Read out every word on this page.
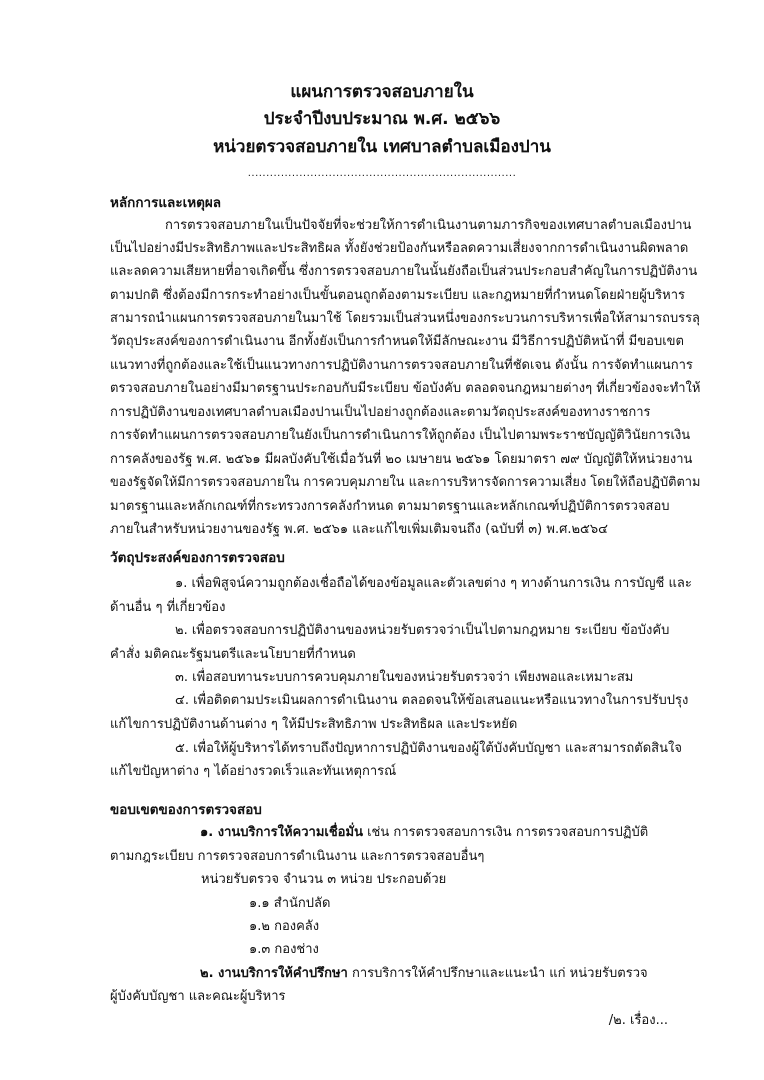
แผนการตรวจสอบภายใน
ประจำปีงบประมาณ พ.ศ. ๒๕๖๖
หน่วยตรวจสอบภายใน เทศบาลตำบลเมืองปาน
.........................................................................
หลักการและเหตุผล
การตรวจสอบภายในเป็นปัจจัยที่จะช่วยให้การดำเนินงานตามภารกิจของเทศบาลตำบลเมืองปาน
เป็นไปอย่างมีประสิทธิภาพและประสิทธิผล ทั้งยังช่วยป้องกันหรือลดความเสี่ยงจากการดำเนินงานผิดพลาด
และลดความเสียหายที่อาจเกิดขึ้น ซึ่งการตรวจสอบภายในนั้นยังถือเป็นส่วนประกอบสำคัญในการปฏิบัติงาน
ตามปกติ ซึ่งต้องมีการกระทำอย่างเป็นขั้นตอนถูกต้องตามระเบียบ และกฎหมายที่กำหนดโดยฝ่ายผู้บริหาร
สามารถนำแผนการตรวจสอบภายในมาใช้ โดยรวมเป็นส่วนหนึ่งของกระบวนการบริหารเพื่อให้สามารถบรรลุ
วัตถุประสงค์ของการดำเนินงาน อีกทั้งยังเป็นการกำหนดให้มีลักษณะงาน มีวิธีการปฏิบัติหน้าที่ มีขอบเขต
แนวทางที่ถูกต้องและใช้เป็นแนวทางการปฏิบัติงานการตรวจสอบภายในที่ชัดเจน ดังนั้น การจัดทำแผนการ
ตรวจสอบภายในอย่างมีมาตรฐานประกอบกับมีระเบียบ ข้อบังคับ ตลอดจนกฎหมายต่างๆ ที่เกี่ยวข้องจะทำให้
การปฏิบัติงานของเทศบาลตำบลเมืองปานเป็นไปอย่างถูกต้องและตามวัตถุประสงค์ของทางราชการ
การจัดทำแผนการตรวจสอบภายในยังเป็นการดำเนินการให้ถูกต้อง เป็นไปตามพระราชบัญญัติวินัยการเงิน
การคลังของรัฐ พ.ศ. ๒๕๖๑ มีผลบังคับใช้เมื่อวันที่ ๒๐ เมษายน ๒๕๖๑ โดยมาตรา ๗๙ บัญญัติให้หน่วยงาน
ของรัฐจัดให้มีการตรวจสอบภายใน การควบคุมภายใน และการบริหารจัดการความเสี่ยง โดยให้ถือปฏิบัติตาม
มาตรฐานและหลักเกณฑ์ที่กระทรวงการคลังกำหนด ตามมาตรฐานและหลักเกณฑ์ปฏิบัติการตรวจสอบ
ภายในสำหรับหน่วยงานของรัฐ พ.ศ. ๒๕๖๑ และแก้ไขเพิ่มเติมจนถึง (ฉบับที่ ๓) พ.ศ.๒๕๖๔
วัตถุประสงค์ของการตรวจสอบ
๑. เพื่อพิสูจน์ความถูกต้องเชื่อถือได้ของข้อมูลและตัวเลขต่าง ๆ ทางด้านการเงิน การบัญชี และ
ด้านอื่น ๆ ที่เกี่ยวข้อง
๒. เพื่อตรวจสอบการปฏิบัติงานของหน่วยรับตรวจว่าเป็นไปตามกฎหมาย ระเบียบ ข้อบังคับ
คำสั่ง มติคณะรัฐมนตรีและนโยบายที่กำหนด
๓. เพื่อสอบทานระบบการควบคุมภายในของหน่วยรับตรวจว่า เพียงพอและเหมาะสม
๔. เพื่อติดตามประเมินผลการดำเนินงาน ตลอดจนให้ข้อเสนอแนะหรือแนวทางในการปรับปรุง
แก้ไขการปฏิบัติงานด้านต่าง ๆ ให้มีประสิทธิภาพ ประสิทธิผล และประหยัด
๕. เพื่อให้ผู้บริหารได้ทราบถึงปัญหาการปฏิบัติงานของผู้ใต้บังคับบัญชา และสามารถตัดสินใจ
แก้ไขปัญหาต่าง ๆ ได้อย่างรวดเร็วและทันเหตุการณ์
ขอบเขตของการตรวจสอบ
๑. งานบริการให้ความเชื่อมั่น เช่น การตรวจสอบการเงิน การตรวจสอบการปฏิบัติ
ตามกฎระเบียบ การตรวจสอบการดำเนินงาน และการตรวจสอบอื่นๆ
หน่วยรับตรวจ จำนวน ๓ หน่วย ประกอบด้วย
๑.๑ สำนักปลัด
๑.๒ กองคลัง
๑.๓ กองช่าง
๒. งานบริการให้คำปรึกษา การบริการให้คำปรึกษาและแนะนำ แก่ หน่วยรับตรวจ
ผู้บังคับบัญชา และคณะผู้บริหาร
/๒. เรื่อง...
